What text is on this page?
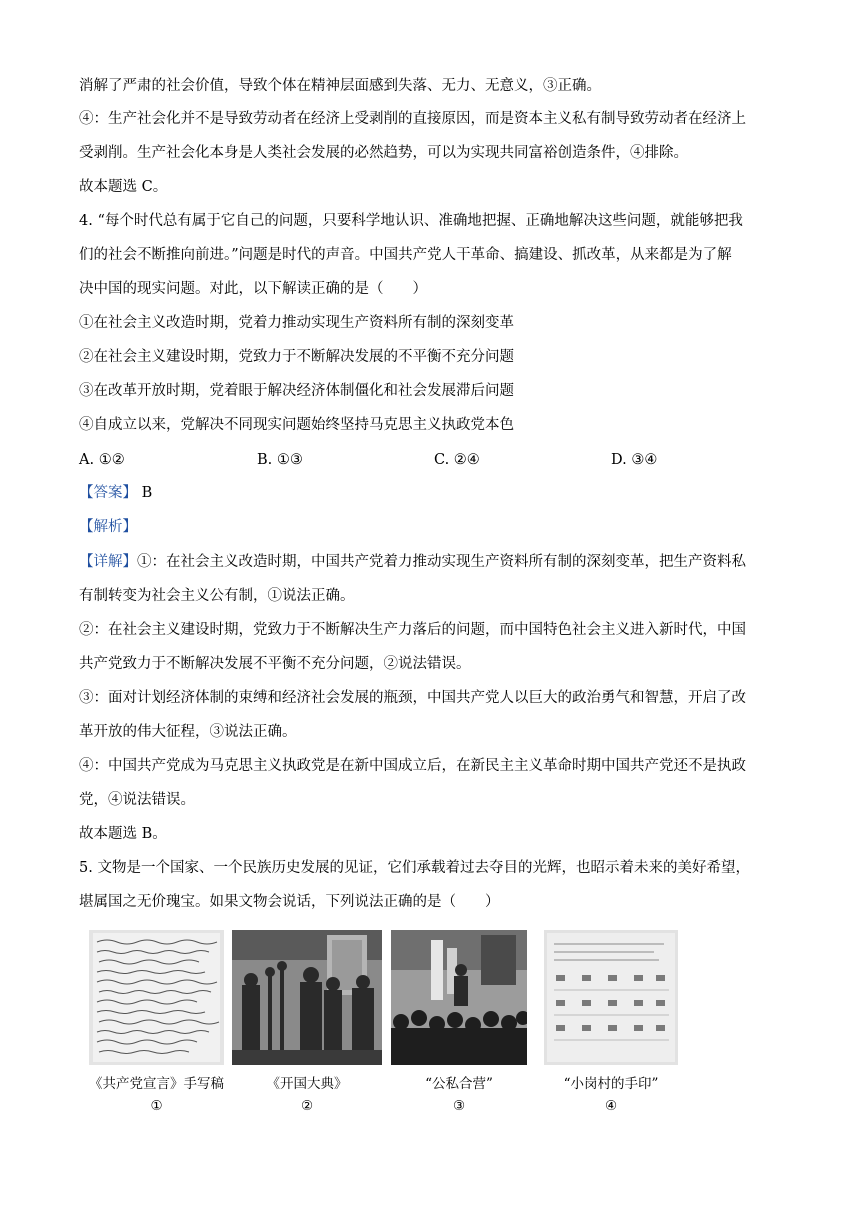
消解了严肃的社会价值，导致个体在精神层面感到失落、无力、无意义，③正确。
④：生产社会化并不是导致劳动者在经济上受剥削的直接原因，而是资本主义私有制导致劳动者在经济上
受剥削。生产社会化本身是人类社会发展的必然趋势，可以为实现共同富裕创造条件，④排除。
故本题选 C。
4. “每个时代总有属于它自己的问题，只要科学地认识、准确地把握、正确地解决这些问题，就能够把我
们的社会不断推向前进。”问题是时代的声音。中国共产党人干革命、搞建设、抓改革，从来都是为了解
决中国的现实问题。对此，以下解读正确的是（　　）
①在社会主义改造时期，党着力推动实现生产资料所有制的深刻变革
②在社会主义建设时期，党致力于不断解决发展的不平衡不充分问题
③在改革开放时期，党着眼于解决经济体制僵化和社会发展滞后问题
④自成立以来，党解决不同现实问题始终坚持马克思主义执政党本色
A. ①②	B. ①③	C. ②④	D. ③④
【答案】 B
【解析】
【详解】①：在社会主义改造时期，中国共产党着力推动实现生产资料所有制的深刻变革，把生产资料私
有制转变为社会主义公有制，①说法正确。
②：在社会主义建设时期，党致力于不断解决生产力落后的问题，而中国特色社会主义进入新时代，中国
共产党致力于不断解决发展不平衡不充分问题，②说法错误。
③：面对计划经济体制的束缚和经济社会发展的瓶颈，中国共产党人以巨大的政治勇气和智慧，开启了改
革开放的伟大征程，③说法正确。
④：中国共产党成为马克思主义执政党是在新中国成立后，在新民主主义革命时期中国共产党还不是执政
党，④说法错误。
故本题选 B。
5. 文物是一个国家、一个民族历史发展的见证，它们承载着过去夺目的光辉，也昭示着未来的美好希望，
堪属国之无价瑰宝。如果文物会说话，下列说法正确的是（　　）
《共产党宣言》手写稿
①
《开国大典》
②
“公私合营”
③
“小岗村的手印”
④
